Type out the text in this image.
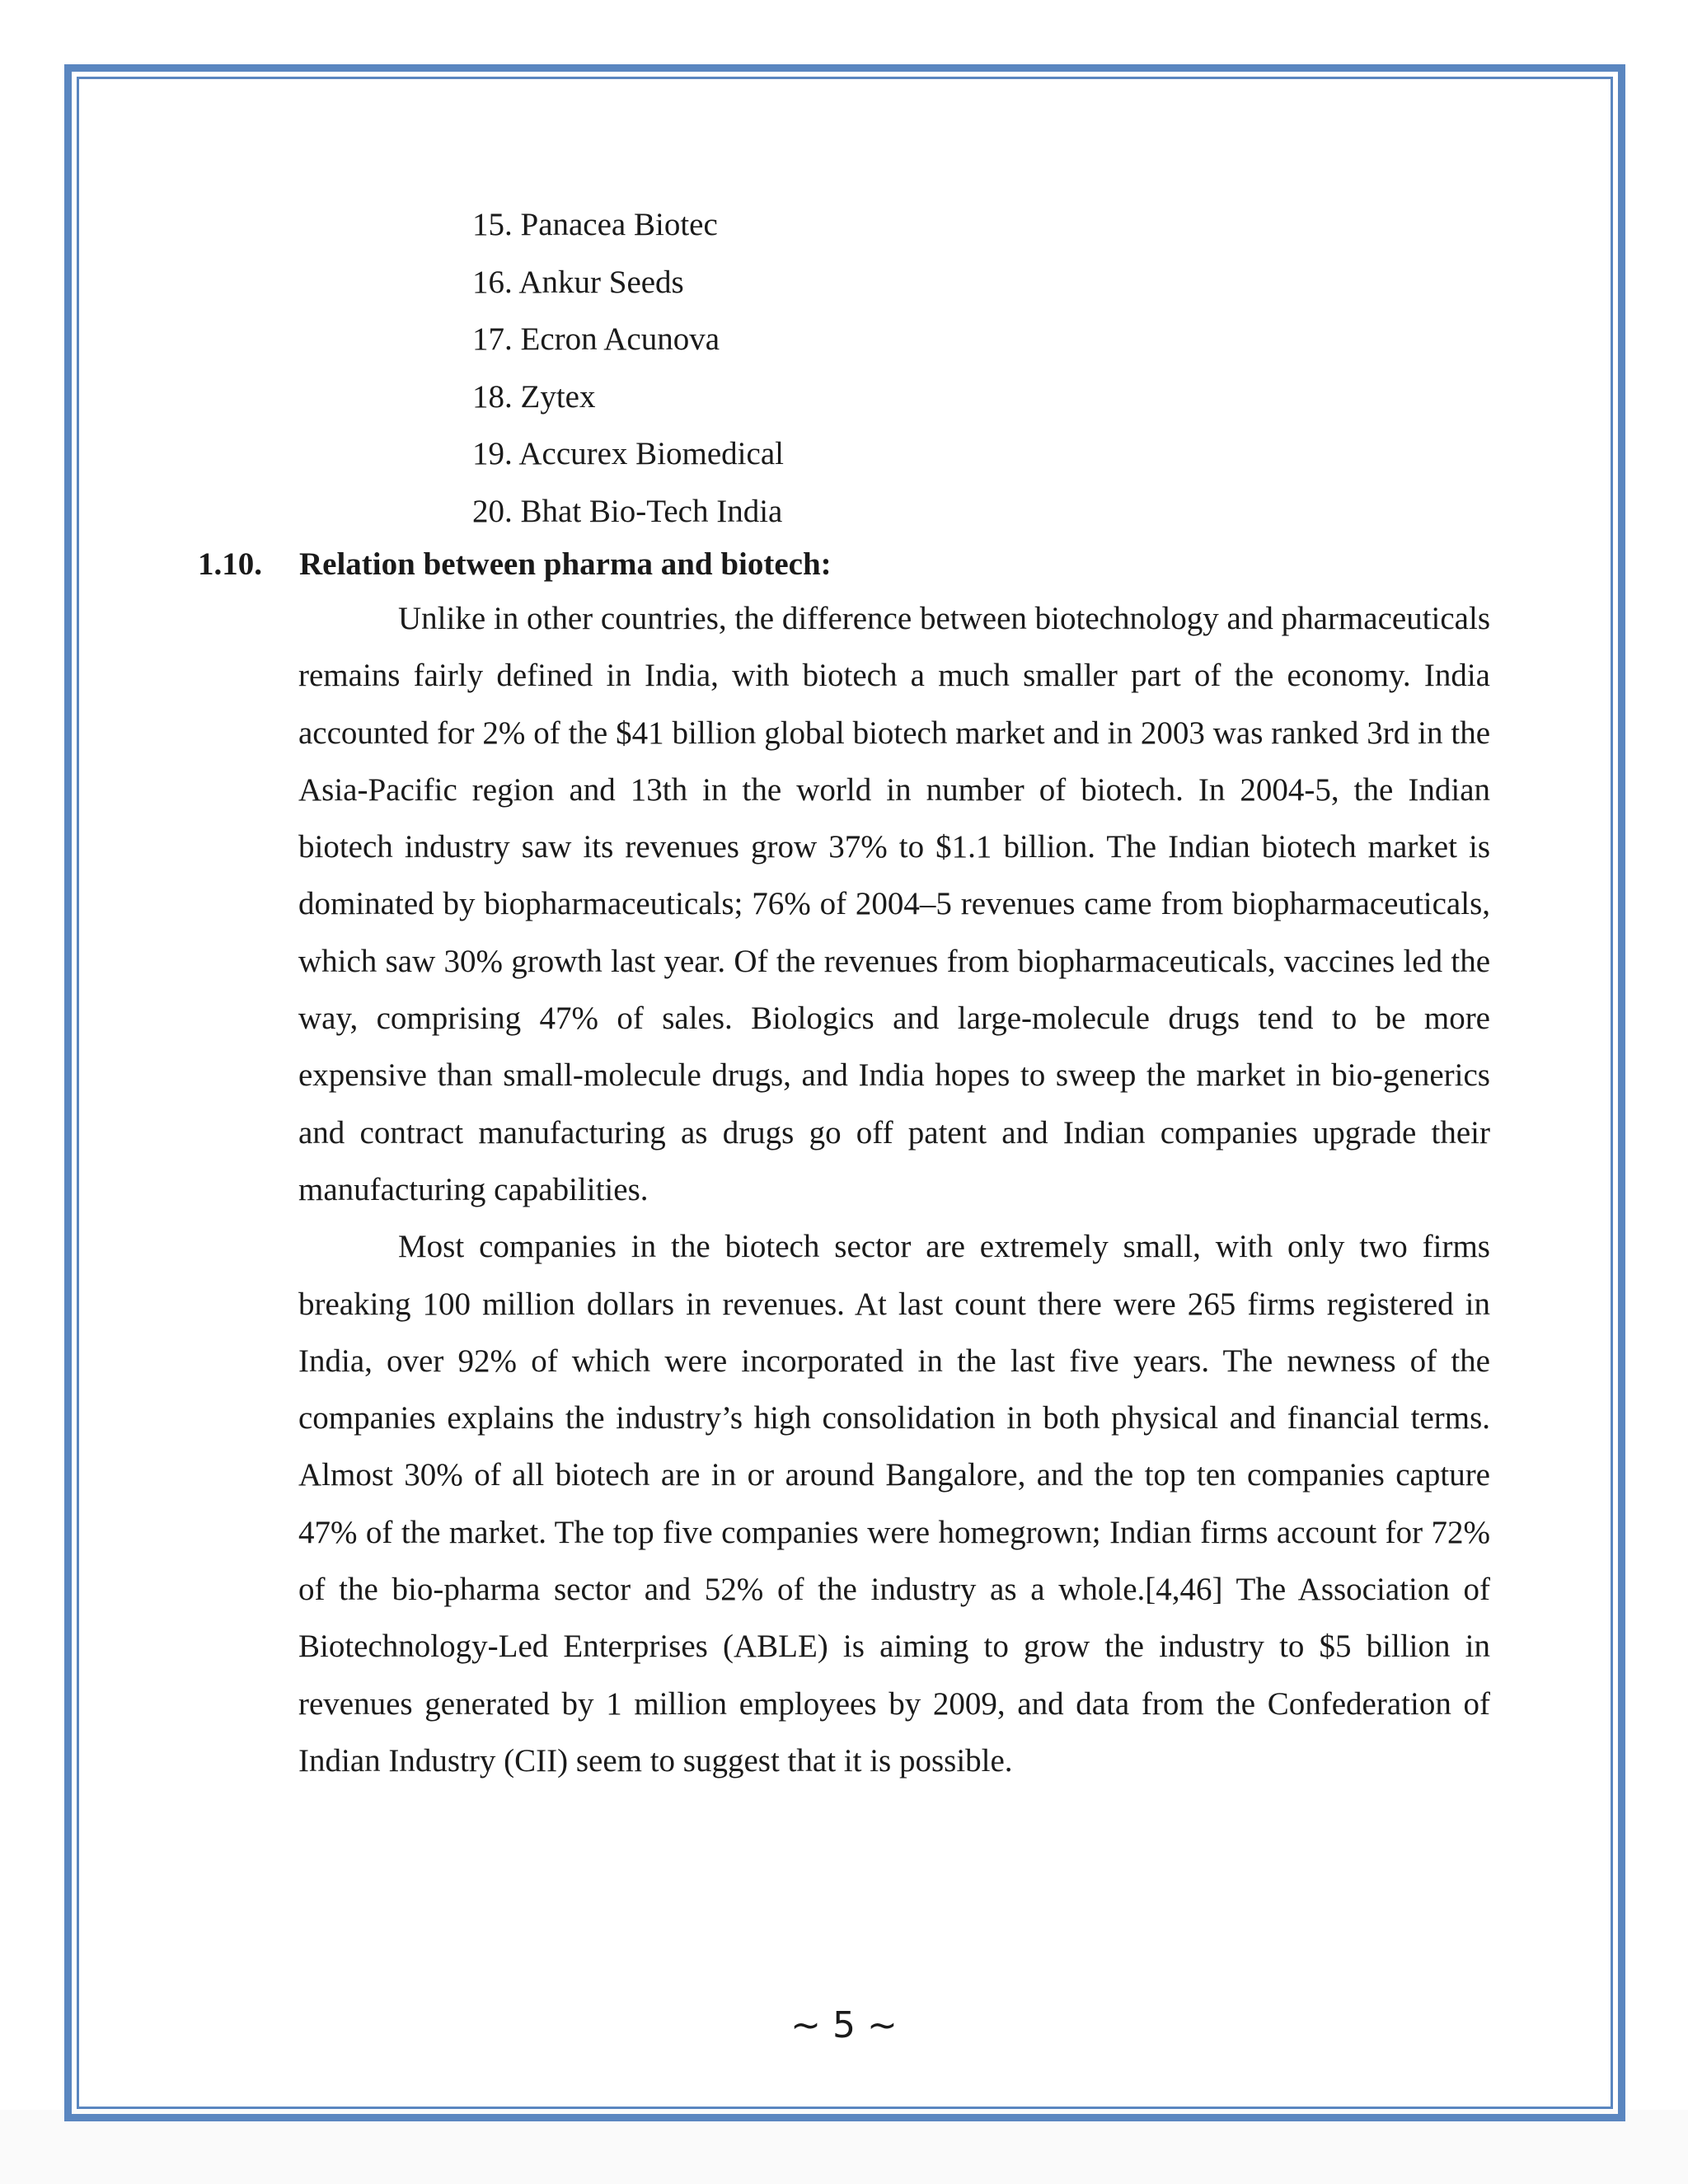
15. Panacea Biotec
16. Ankur Seeds
17. Ecron Acunova
18. Zytex
19. Accurex Biomedical
20. Bhat Bio-Tech India
1.10. Relation between pharma and biotech:

Unlike in other countries, the difference between biotechnology and pharmaceuticals remains fairly defined in India, with biotech a much smaller part of the economy. India accounted for 2% of the $41 billion global biotech market and in 2003 was ranked 3rd in the Asia-Pacific region and 13th in the world in number of biotech. In 2004-5, the Indian biotech industry saw its revenues grow 37% to $1.1 billion. The Indian biotech market is dominated by biopharmaceuticals; 76% of 2004–5 revenues came from biopharmaceuticals, which saw 30% growth last year. Of the revenues from biopharmaceuticals, vaccines led the way, comprising 47% of sales. Biologics and large-molecule drugs tend to be more expensive than small-molecule drugs, and India hopes to sweep the market in bio-generics and contract manufacturing as drugs go off patent and Indian companies upgrade their manufacturing capabilities.

Most companies in the biotech sector are extremely small, with only two firms breaking 100 million dollars in revenues. At last count there were 265 firms registered in India, over 92% of which were incorporated in the last five years. The newness of the companies explains the industry’s high consolidation in both physical and financial terms. Almost 30% of all biotech are in or around Bangalore, and the top ten companies capture 47% of the market. The top five companies were homegrown; Indian firms account for 72% of the bio-pharma sector and 52% of the industry as a whole.[4,46] The Association of Biotechnology-Led Enterprises (ABLE) is aiming to grow the industry to $5 billion in revenues generated by 1 million employees by 2009, and data from the Confederation of Indian Industry (CII) seem to suggest that it is possible.

~ 5 ~
